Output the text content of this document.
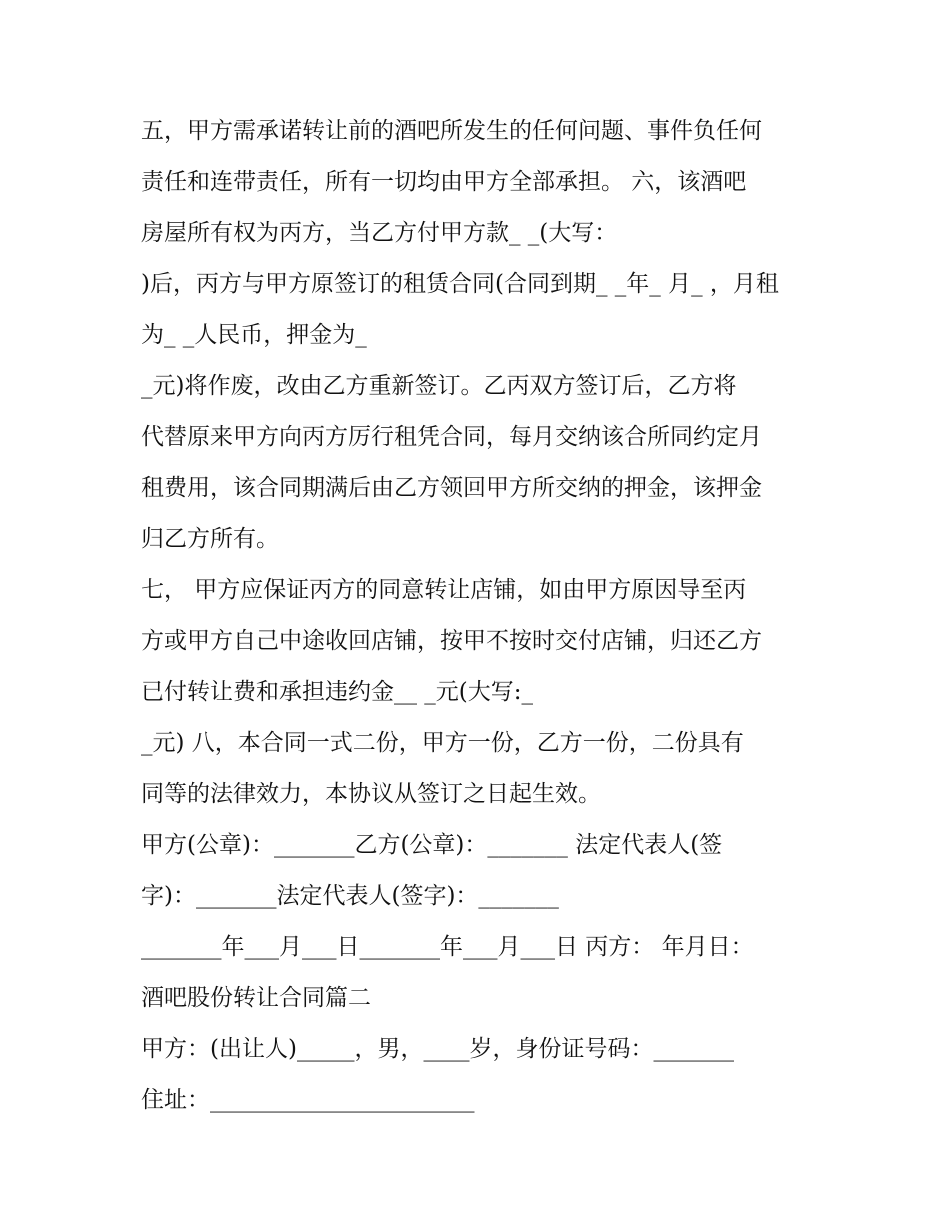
五，甲方需承诺转让前的酒吧所发生的任何问题、事件负任何
责任和连带责任，所有一切均由甲方全部承担。 六，该酒吧
房屋所有权为丙方，当乙方付甲方款_ _(大写：
)后，丙方与甲方原签订的租赁合同(合同到期_ _年_ 月_ ，月租
为_ _人民币，押金为_
_元)将作废，改由乙方重新签订。乙丙双方签订后，乙方将
代替原来甲方向丙方厉行租凭合同，每月交纳该合所同约定月
租费用，该合同期满后由乙方领回甲方所交纳的押金，该押金
归乙方所有。
七， 甲方应保证丙方的同意转让店铺，如由甲方原因导至丙
方或甲方自己中途收回店铺，按甲不按时交付店铺，归还乙方
已付转让费和承担违约金__ _元(大写:_
_元) 八，本合同一式二份，甲方一份，乙方一份，二份具有
同等的法律效力，本协议从签订之日起生效。
甲方(公章)：_______乙方(公章)：_______ 法定代表人(签
字)：_______法定代表人(签字)：_______
_______年___月___日_______年___月___日 丙方： 年月日：
酒吧股份转让合同篇二
甲方：(出让人)_____，男，____岁，身份证号码：_______
住址：_______________________
